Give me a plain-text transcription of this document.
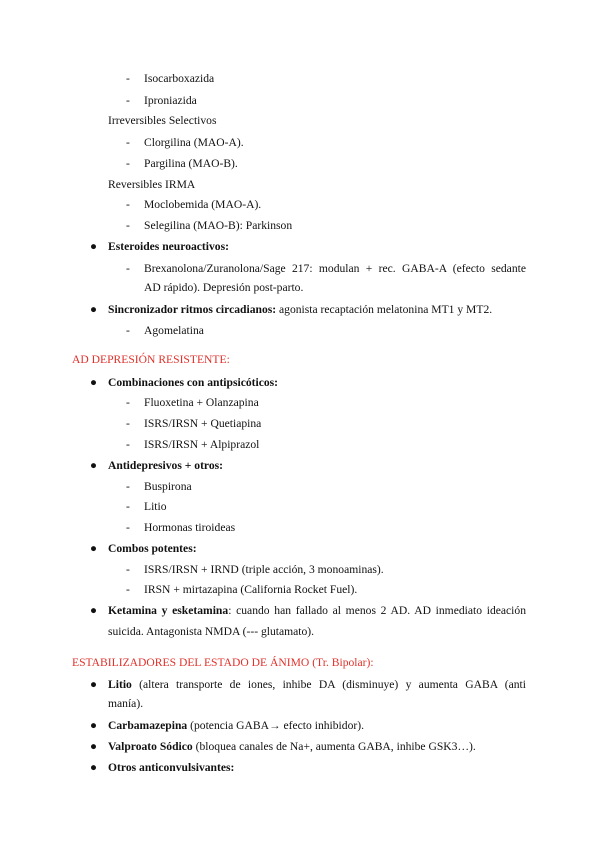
- Isocarboxazida
- Iproniazida
Irreversibles Selectivos
- Clorgilina (MAO-A).
- Pargilina (MAO-B).
Reversibles IRMA
- Moclobemida (MAO-A).
- Selegilina (MAO-B): Parkinson
● Esteroides neuroactivos:
- Brexanolona/Zuranolona/Sage 217: modulan + rec. GABA-A (efecto sedante
AD rápido). Depresión post-parto.
● Sincronizador ritmos circadianos: agonista recaptación melatonina MT1 y MT2.
- Agomelatina
AD DEPRESIÓN RESISTENTE:
● Combinaciones con antipsicóticos:
- Fluoxetina + Olanzapina
- ISRS/IRSN + Quetiapina
- ISRS/IRSN + Alpiprazol
● Antidepresivos + otros:
- Buspirona
- Litio
- Hormonas tiroideas
● Combos potentes:
- ISRS/IRSN + IRND (triple acción, 3 monoaminas).
- IRSN + mirtazapina (California Rocket Fuel).
● Ketamina y esketamina: cuando han fallado al menos 2 AD. AD inmediato ideación
suicida. Antagonista NMDA (--- glutamato).
ESTABILIZADORES DEL ESTADO DE ÁNIMO (Tr. Bipolar):
● Litio (altera transporte de iones, inhibe DA (disminuye) y aumenta GABA (anti
manía).
● Carbamazepina (potencia GABA→ efecto inhibidor).
● Valproato Sódico (bloquea canales de Na+, aumenta GABA, inhibe GSK3…).
● Otros anticonvulsivantes:
